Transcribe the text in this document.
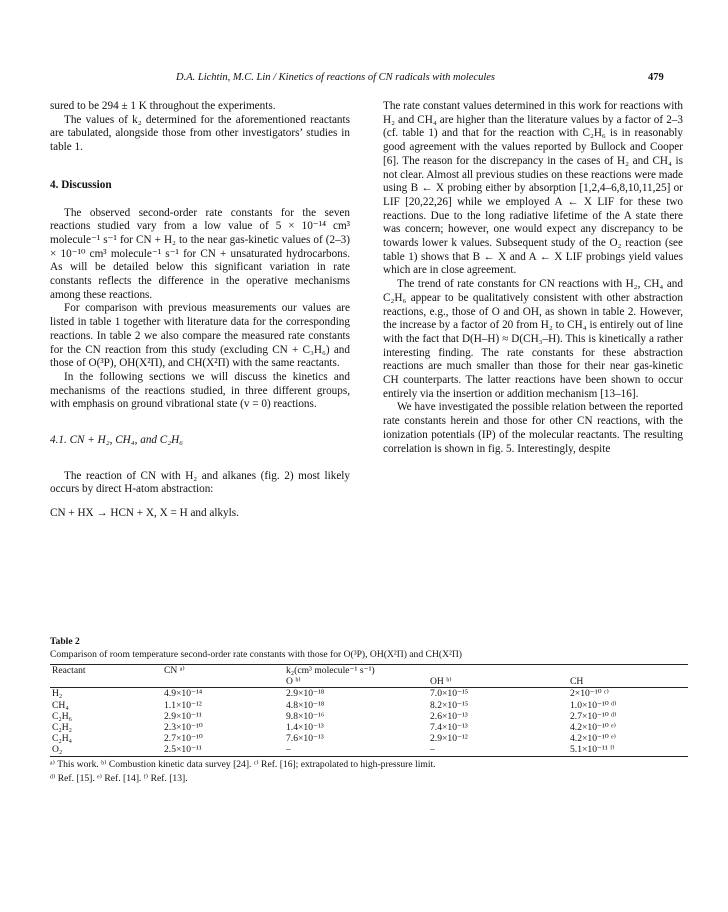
D.A. Lichtin, M.C. Lin / Kinetics of reactions of CN radicals with molecules	479

sured to be 294 ± 1 K throughout the experiments.

The values of k₂ determined for the aforementioned reactants are tabulated, alongside those from other investigators’ studies in table 1.

4. Discussion

The observed second-order rate constants for the seven reactions studied vary from a low value of 5 × 10⁻¹⁴ cm³ molecule⁻¹ s⁻¹ for CN + H₂ to the near gas-kinetic values of (2–3) × 10⁻¹⁰ cm³ molecule⁻¹ s⁻¹ for CN + unsaturated hydrocarbons. As will be detailed below this significant variation in rate constants reflects the difference in the operative mechanisms among these reactions.

For comparison with previous measurements our values are listed in table 1 together with literature data for the corresponding reactions. In table 2 we also compare the measured rate constants for the CN reaction from this study (excluding CN + C₃H₆) and those of O(³P), OH(X²Π), and CH(X²Π) with the same reactants.

In the following sections we will discuss the kinetics and mechanisms of the reactions studied, in three different groups, with emphasis on ground vibrational state (v = 0) reactions.

4.1. CN + H₂, CH₄, and C₂H₆

The reaction of CN with H₂ and alkanes (fig. 2) most likely occurs by direct H-atom abstraction:

CN + HX → HCN + X, X = H and alkyls.

The rate constant values determined in this work for reactions with H₂ and CH₄ are higher than the literature values by a factor of 2–3 (cf. table 1) and that for the reaction with C₂H₆ is in reasonably good agreement with the values reported by Bullock and Cooper [6]. The reason for the discrepancy in the cases of H₂ and CH₄ is not clear. Almost all previous studies on these reactions were made using B ← X probing either by absorption [1,2,4–6,8,10,11,25] or LIF [20,22,26] while we employed A ← X LIF for these two reactions. Due to the long radiative lifetime of the A state there was concern; however, one would expect any discrepancy to be towards lower k values. Subsequent study of the O₂ reaction (see table 1) shows that B ← X and A ← X LIF probings yield values which are in close agreement.

The trend of rate constants for CN reactions with H₂, CH₄ and C₂H₆ appear to be qualitatively consistent with other abstraction reactions, e.g., those of O and OH, as shown in table 2. However, the increase by a factor of 20 from H₂ to CH₄ is entirely out of line with the fact that D(H–H) ≈ D(CH₃–H). This is kinetically a rather interesting finding. The rate constants for these abstraction reactions are much smaller than those for their near gas-kinetic CH counterparts. The latter reactions have been shown to occur entirely via the insertion or addition mechanism [13–16].

We have investigated the possible relation between the reported rate constants herein and those for other CN reactions, with the ionization potentials (IP) of the molecular reactants. The resulting correlation is shown in fig. 5. Interestingly, despite

Table 2
Comparison of room temperature second-order rate constants with those for O(³P), OH(X²Π) and CH(X²Π)
Reactant	CN ᵃ⁾	k₂(cm³ molecule⁻¹ s⁻¹)		
		O ᵇ⁾	OH ᵇ⁾	CH
H₂	4.9×10⁻¹⁴	2.9×10⁻¹⁸	7.0×10⁻¹⁵	2×10⁻¹⁰ ᶜ⁾
CH₄	1.1×10⁻¹²	4.8×10⁻¹⁸	8.2×10⁻¹⁵	1.0×10⁻¹⁰ ᵈ⁾
C₂H₆	2.9×10⁻¹¹	9.8×10⁻¹⁶	2.6×10⁻¹³	2.7×10⁻¹⁰ ᵈ⁾
C₂H₂	2.3×10⁻¹⁰	1.4×10⁻¹³	7.4×10⁻¹³	4.2×10⁻¹⁰ ᵉ⁾
C₂H₄	2.7×10⁻¹⁰	7.6×10⁻¹³	2.9×10⁻¹²	4.2×10⁻¹⁰ ᵉ⁾
O₂	2.5×10⁻¹¹	–	–	5.1×10⁻¹¹ ᶠ⁾
ᵃ⁾ This work. ᵇ⁾ Combustion kinetic data survey [24]. ᶜ⁾ Ref. [16]; extrapolated to high-pressure limit.
ᵈ⁾ Ref. [15]. ᵉ⁾ Ref. [14]. ᶠ⁾ Ref. [13].
